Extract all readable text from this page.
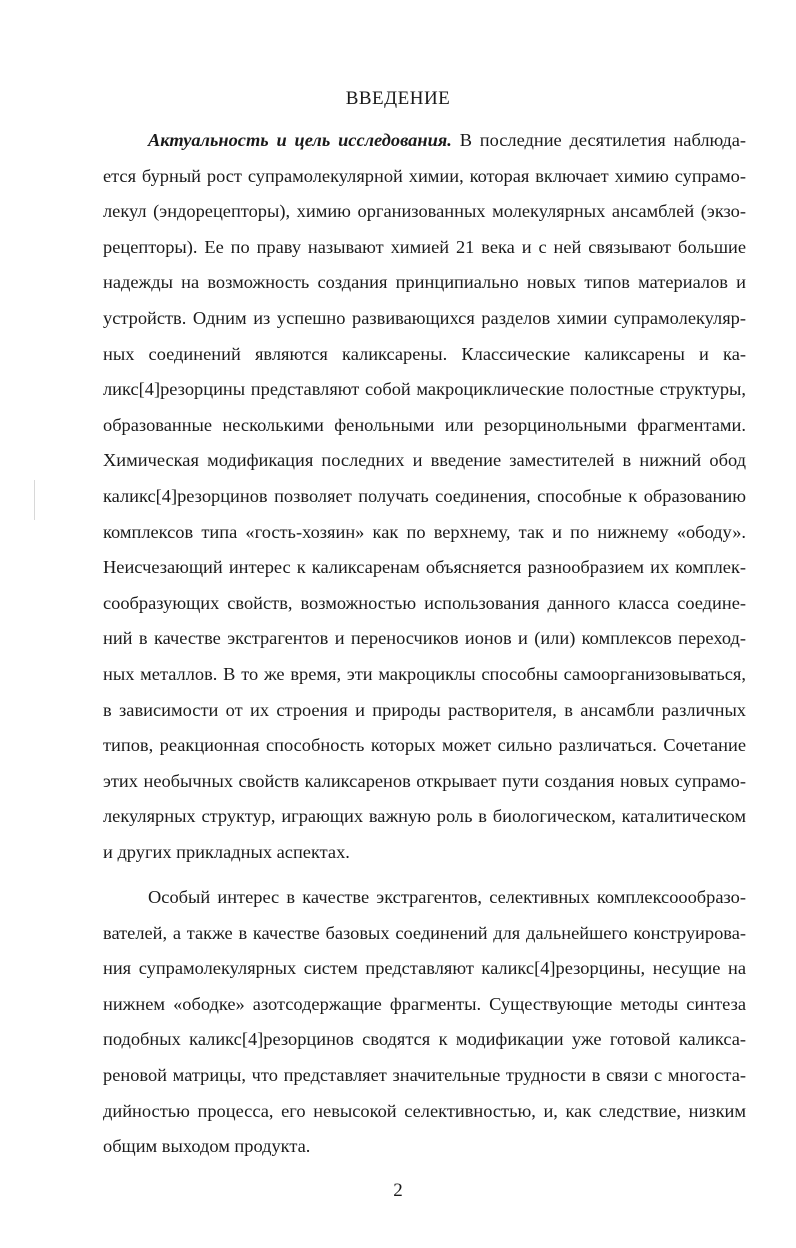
ВВЕДЕНИЕ
Актуальность и цель исследования. В последние десятилетия наблюда-
ется бурный рост супрамолекулярной химии, которая включает химию супрамо-
лекул (эндорецепторы), химию организованных молекулярных ансамблей (экзо-
рецепторы). Ее по праву называют химией 21 века и с ней связывают большие
надежды на возможность создания принципиально новых типов материалов и
устройств. Одним из успешно развивающихся разделов химии супрамолекуляр-
ных соединений являются каликсарены. Классические каликсарены и ка-
ликс[4]резорцины представляют собой макроциклические полостные структуры,
образованные несколькими фенольными или резорцинольными фрагментами.
Химическая модификация последних и введение заместителей в нижний обод
каликс[4]резорцинов позволяет получать соединения, способные к образованию
комплексов типа «гость-хозяин» как по верхнему, так и по нижнему «ободу».
Неисчезающий интерес к каликсаренам объясняется разнообразием их комплек-
сообразующих свойств, возможностью использования данного класса соедине-
ний в качестве экстрагентов и переносчиков ионов и (или) комплексов переход-
ных металлов. В то же время, эти макроциклы способны самоорганизовываться,
в зависимости от их строения и природы растворителя, в ансамбли различных
типов, реакционная способность которых может сильно различаться. Сочетание
этих необычных свойств каликсаренов открывает пути создания новых супрамо-
лекулярных структур, играющих важную роль в биологическом, каталитическом
и других прикладных аспектах.
Особый интерес в качестве экстрагентов, селективных комплексоообразо-
вателей, а также в качестве базовых соединений для дальнейшего конструирова-
ния супрамолекулярных систем представляют каликс[4]резорцины, несущие на
нижнем «ободке» азотсодержащие фрагменты. Существующие методы синтеза
подобных каликс[4]резорцинов сводятся к модификации уже готовой каликса-
реновой матрицы, что представляет значительные трудности в связи с многоста-
дийностью процесса, его невысокой селективностью, и, как следствие, низким
общим выходом продукта.
2
